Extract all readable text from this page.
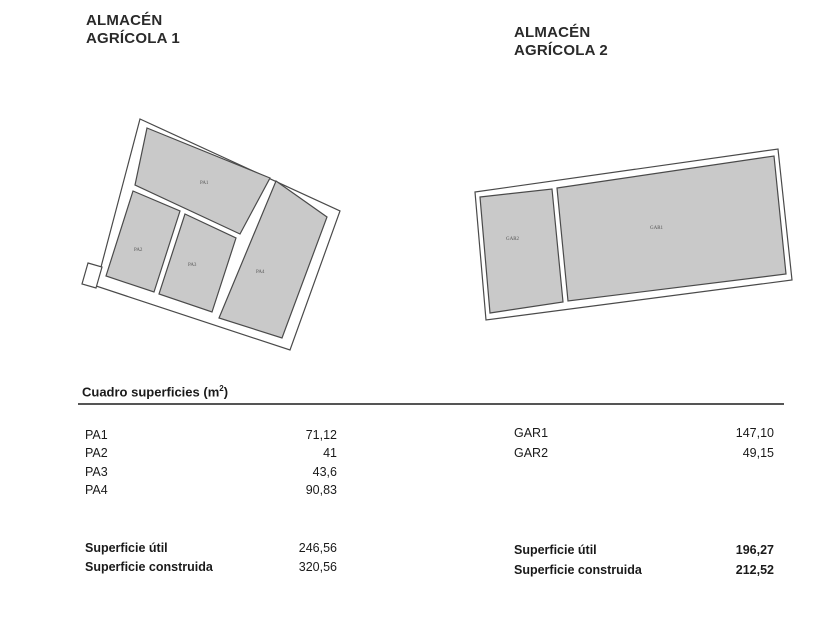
ALMACÉN
AGRÍCOLA 1	ALMACÉN
AGRÍCOLA 2
PA1
PA2
PA3
PA4
GAR2
GAR1
Cuadro superficies $(m^2)$
PA1	71,12
PA2	41
PA3	43,6
PA4	90,83
Superficie útil	246,56
Superficie construida	320,56
GAR1	147,10
GAR2	49,15
Superficie útil	196,27
Superficie construida	212,52
